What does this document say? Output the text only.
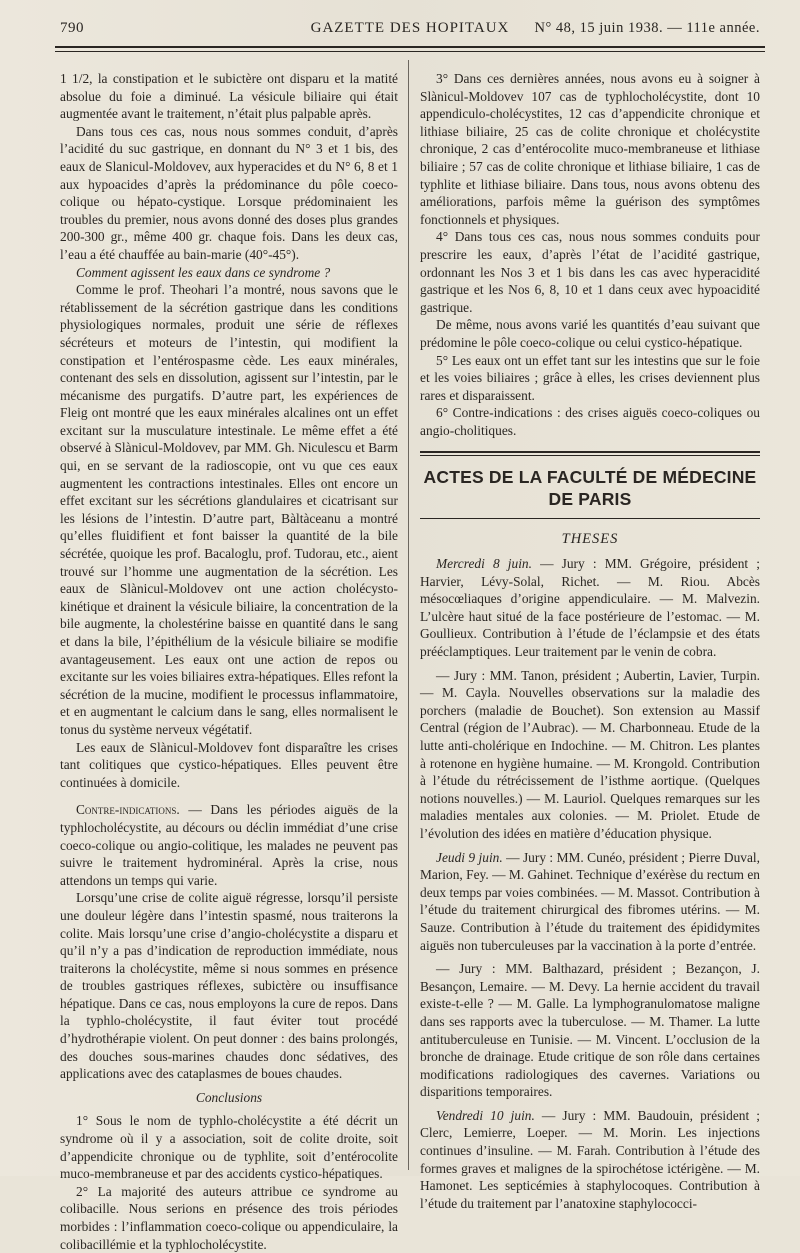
790	GAZETTE DES HOPITAUX	N° 48, 15 juin 1938. — 111e année.

1 1/2, la constipation et le subictère ont disparu et la matité absolue du foie a diminué. La vésicule biliaire qui était augmentée avant le traitement, n’était plus palpable après.

Dans tous ces cas, nous nous sommes conduit, d’après l’acidité du suc gastrique, en donnant du N° 3 et 1 bis, des eaux de Slanicul-Moldovev, aux hyperacides et du N° 6, 8 et 1 aux hypoacides d’après la prédominance du pôle coeco-colique ou hépato-cystique. Lorsque prédominaient les troubles du premier, nous avons donné des doses plus grandes 200-300 gr., même 400 gr. chaque fois. Dans les deux cas, l’eau a été chauffée au bain-marie (40°-45°).

Comment agissent les eaux dans ce syndrome ?

Comme le prof. Theohari l’a montré, nous savons que le rétablissement de la sécrétion gastrique dans les conditions physiologiques normales, produit une série de réflexes sécréteurs et moteurs de l’intestin, qui modifient la constipation et l’entérospasme cède. Les eaux minérales, contenant des sels en dissolution, agissent sur l’intestin, par le mécanisme des purgatifs. D’autre part, les expériences de Fleig ont montré que les eaux minérales alcalines ont un effet excitant sur la musculature intestinale. Le même effet a été observé à Slànicul-Moldovev, par MM. Gh. Niculescu et Barm qui, en se servant de la radioscopie, ont vu que ces eaux augmentent les contractions intestinales. Elles ont encore un effet excitant sur les sécrétions glandulaires et cicatrisant sur les lésions de l’intestin. D’autre part, Bàltàceanu a montré qu’elles fluidifient et font baisser la quantité de la bile sécrétée, quoique les prof. Bacaloglu, prof. Tudorau, etc., aient trouvé sur l’homme une augmentation de la sécrétion. Les eaux de Slànicul-Moldovev ont une action cholécysto-kinétique et drainent la vésicule biliaire, la concentration de la bile augmente, la cholestérine baisse en quantité dans le sang et dans la bile, l’épithélium de la vésicule biliaire se modifie avantageusement. Les eaux ont une action de repos ou excitante sur les voies biliaires extra-hépatiques. Elles refont la sécrétion de la mucine, modifient le processus inflammatoire, et en augmentant le calcium dans le sang, elles normalisent le tonus du système nerveux végétatif.

Les eaux de Slànicul-Moldovev font disparaître les crises tant colitiques que cystico-hépatiques. Elles peuvent être continuées à domicile.

Contre-indications. — Dans les périodes aiguës de la typhlocholécystite, au décours ou déclin immédiat d’une crise coeco-colique ou angio-colitique, les malades ne peuvent pas suivre le traitement hydrominéral. Après la crise, nous attendons un temps qui varie.

Lorsqu’une crise de colite aiguë régresse, lorsqu’il persiste une douleur légère dans l’intestin spasmé, nous traiterons la colite. Mais lorsqu’une crise d’angio-cholécystite a disparu et qu’il n’y a pas d’indication de reproduction immédiate, nous traiterons la cholécystite, même si nous sommes en présence de troubles gastriques réflexes, subictère ou insuffisance hépatique. Dans ce cas, nous employons la cure de repos. Dans la typhlo-cholécystite, il faut éviter tout procédé d’hydrothérapie violent. On peut donner : des bains prolongés, des douches sous-marines chaudes donc sédatives, des applications avec des cataplasmes de boues chaudes.

Conclusions

1° Sous le nom de typhlo-cholécystite a été décrit un syndrome où il y a association, soit de colite droite, soit d’appendicite chronique ou de typhlite, soit d’entérocolite muco-membraneuse et par des accidents cystico-hépatiques.

2° La majorité des auteurs attribue ce syndrome au colibacille. Nous serions en présence des trois périodes morbides : l’inflammation coeco-colique ou appendiculaire, la colibacillémie et la typhlocholécystite.

3° Dans ces dernières années, nous avons eu à soigner à Slànicul-Moldovev 107 cas de typhlocholécystite, dont 10 appendiculo-cholécystites, 12 cas d’appendicite chronique et lithiase biliaire, 25 cas de colite chronique et cholécystite chronique, 2 cas d’entérocolite muco-membraneuse et lithiase biliaire ; 57 cas de colite chronique et lithiase biliaire, 1 cas de typhlite et lithiase biliaire. Dans tous, nous avons obtenu des améliorations, parfois même la guérison des symptômes fonctionnels et physiques.

4° Dans tous ces cas, nous nous sommes conduits pour prescrire les eaux, d’après l’état de l’acidité gastrique, ordonnant les Nos 3 et 1 bis dans les cas avec hyperacidité gastrique et les Nos 6, 8, 10 et 1 dans ceux avec hypoacidité gastrique.

De même, nous avons varié les quantités d’eau suivant que prédomine le pôle coeco-colique ou celui cystico-hépatique.

5° Les eaux ont un effet tant sur les intestins que sur le foie et les voies biliaires ; grâce à elles, les crises deviennent plus rares et disparaissent.

6° Contre-indications : des crises aiguës coeco-coliques ou angio-cholitiques.

ACTES DE LA FACULTÉ DE MÉDECINE DE PARIS

THESES

Mercredi 8 juin. — Jury : MM. Grégoire, président ; Harvier, Lévy-Solal, Richet. — M. Riou. Abcès mésocœliaques d’origine appendiculaire. — M. Malvezin. L’ulcère haut situé de la face postérieure de l’estomac. — M. Goullieux. Contribution à l’étude de l’éclampsie et des états prééclamptiques. Leur traitement par le venin de cobra.

— Jury : MM. Tanon, président ; Aubertin, Lavier, Turpin. — M. Cayla. Nouvelles observations sur la maladie des porchers (maladie de Bouchet). Son extension au Massif Central (région de l’Aubrac). — M. Charbonneau. Etude de la lutte anti-cholérique en Indochine. — M. Chitron. Les plantes à rotenone en hygiène humaine. — M. Krongold. Contribution à l’étude du rétrécissement de l’isthme aortique. (Quelques notions nouvelles.) — M. Lauriol. Quelques remarques sur les maladies mentales aux colonies. — M. Priolet. Etude de l’évolution des idées en matière d’éducation physique.

Jeudi 9 juin. — Jury : MM. Cunéo, président ; Pierre Duval, Marion, Fey. — M. Gahinet. Technique d’exérèse du rectum en deux temps par voies combinées. — M. Massot. Contribution à l’étude du traitement chirurgical des fibromes utérins. — M. Sauze. Contribution à l’étude du traitement des épididymites aiguës non tuberculeuses par la vaccination à la porte d’entrée.

— Jury : MM. Balthazard, président ; Bezançon, J. Besançon, Lemaire. — M. Devy. La hernie accident du travail existe-t-elle ? — M. Galle. La lymphogranulomatose maligne dans ses rapports avec la tuberculose. — M. Thamer. La lutte antituberculeuse en Tunisie. — M. Vincent. L’occlusion de la bronche de drainage. Etude critique de son rôle dans certaines modifications radiologiques des cavernes. Variations ou disparitions temporaires.

Vendredi 10 juin. — Jury : MM. Baudouin, président ; Clerc, Lemierre, Loeper. — M. Morin. Les injections continues d’insuline. — M. Farah. Contribution à l’étude des formes graves et malignes de la spirochétose ictérigène. — M. Hamonet. Les septicémies à staphylocoques. Contribution à l’étude du traitement par l’anatoxine staphylococci-
